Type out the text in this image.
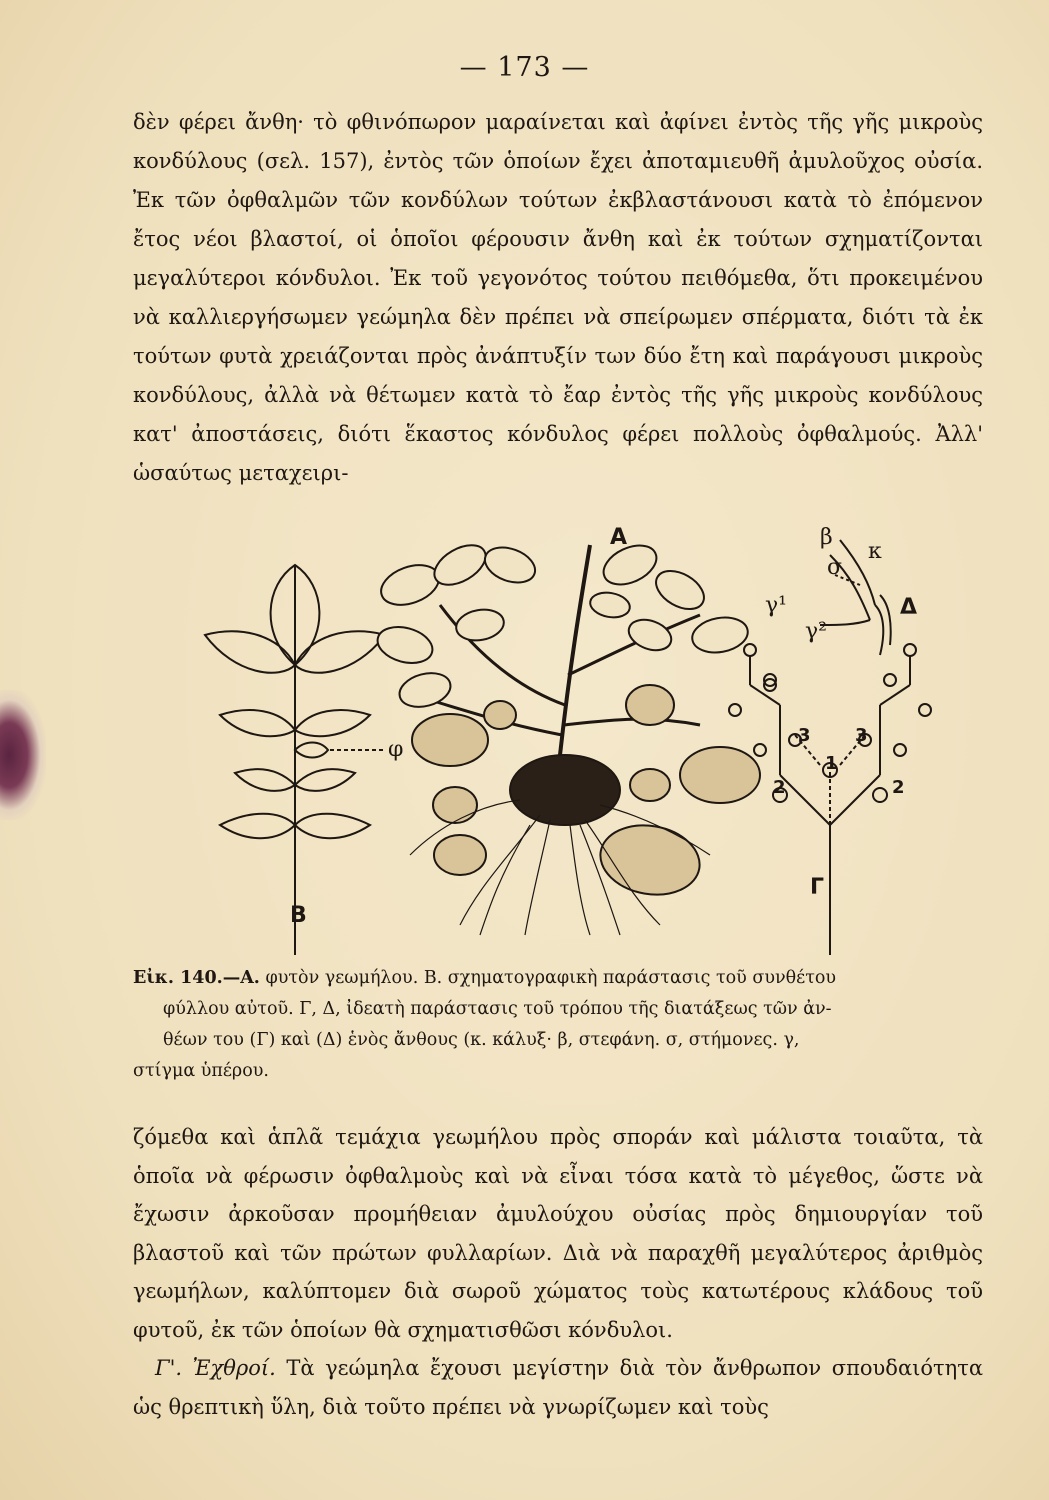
— 173 —

δὲν φέρει ἄνθη· τὸ φθινόπωρον μαραίνεται καὶ ἀφίνει ἐντὸς τῆς γῆς μικροὺς κονδύλους (σελ. 157), ἐντὸς τῶν ὁποίων ἔχει ἀποταμιευθῆ ἀμυλοῦχος οὐσία. Ἐκ τῶν ὀφθαλμῶν τῶν κονδύλων τούτων ἐκβλαστάνουσι κατὰ τὸ ἐπόμενον ἔτος νέοι βλαστοί, οἱ ὁποῖοι φέρουσιν ἄνθη καὶ ἐκ τούτων σχηματίζονται μεγαλύτεροι κόνδυλοι. Ἐκ τοῦ γεγονότος τούτου πειθόμεθα, ὅτι προκειμένου νὰ καλλιεργήσωμεν γεώμηλα δὲν πρέπει νὰ σπείρωμεν σπέρματα, διότι τὰ ἐκ τούτων φυτὰ χρειάζονται πρὸς ἀνάπτυξίν των δύο ἔτη καὶ παράγουσι μικροὺς κονδύλους, ἀλλὰ νὰ θέτωμεν κατὰ τὸ ἔαρ ἐντὸς τῆς γῆς μικροὺς κονδύλους κατ' ἀποστάσεις, διότι ἕκαστος κόνδυλος φέρει πολλοὺς ὀφθαλμούς. Ἀλλ' ὡσαύτως μεταχειρι-

A
B
φ
β
κ
σ
γ¹
γ²
Δ
Γ
1
2	2
3 3

Εἰκ. 140.—A. φυτὸν γεωμήλου. B. σχηματογραφικὴ παράστασις τοῦ συνθέτου

φύλλου αὐτοῦ. Γ, Δ, ἰδεατὴ παράστασις τοῦ τρόπου τῆς διατάξεως τῶν ἀν-

θέων του (Γ) καὶ (Δ) ἑνὸς ἄνθους (κ. κάλυξ· β, στεφάνη. σ, στήμονες. γ,

στίγμα ὑπέρου.

ζόμεθα καὶ ἁπλᾶ τεμάχια γεωμήλου πρὸς σποράν καὶ μάλιστα τοιαῦτα, τὰ ὁποῖα νὰ φέρωσιν ὀφθαλμοὺς καὶ νὰ εἶναι τόσα κατὰ τὸ μέγεθος, ὥστε νὰ ἔχωσιν ἀρκοῦσαν προμήθειαν ἀμυλούχου οὐσίας πρὸς δημιουργίαν τοῦ βλαστοῦ καὶ τῶν πρώτων φυλλαρίων. Διὰ νὰ παραχθῆ μεγαλύτερος ἀριθμὸς γεωμήλων, καλύπτομεν διὰ σωροῦ χώματος τοὺς κατωτέρους κλάδους τοῦ φυτοῦ, ἐκ τῶν ὁποίων θὰ σχηματισθῶσι κόνδυλοι.

Γ'. Ἐχθροί. Τὰ γεώμηλα ἔχουσι μεγίστην διὰ τὸν ἄνθρωπον σπουδαιότητα ὡς θρεπτικὴ ὕλη, διὰ τοῦτο πρέπει νὰ γνωρίζωμεν καὶ τοὺς
